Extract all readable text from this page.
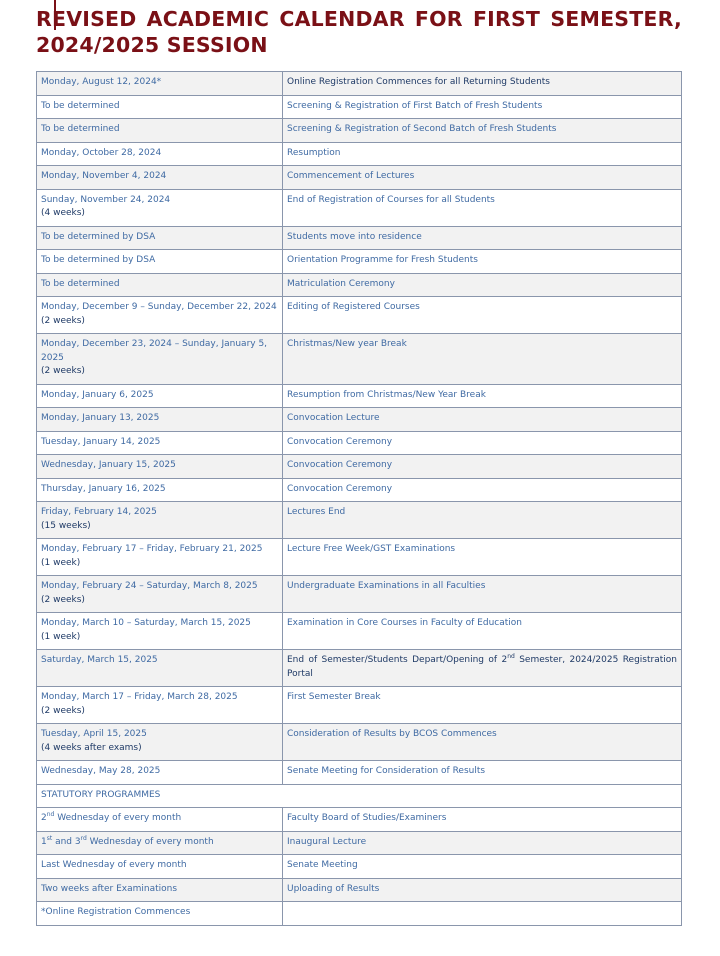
REVISED ACADEMIC CALENDAR FOR FIRST SEMESTER, 2024/2025 SESSION
Monday, August 12, 2024*	Online Registration Commences for all Returning Students
To be determined	Screening & Registration of First Batch of Fresh Students
To be determined	Screening & Registration of Second Batch of Fresh Students
Monday, October 28, 2024	Resumption
Monday, November 4, 2024	Commencement of Lectures
Sunday, November 24, 2024
(4 weeks)	End of Registration of Courses for all Students
To be determined by DSA	Students move into residence
To be determined by DSA	Orientation Programme for Fresh Students
To be determined	Matriculation Ceremony
Monday, December 9 – Sunday, December 22, 2024
(2 weeks)	Editing of Registered Courses
Monday, December 23, 2024 – Sunday, January 5, 2025
(2 weeks)	Christmas/New year Break
Monday, January 6, 2025	Resumption from Christmas/New Year Break
Monday, January 13, 2025	Convocation Lecture
Tuesday, January 14, 2025	Convocation Ceremony
Wednesday, January 15, 2025	Convocation Ceremony
Thursday, January 16, 2025	Convocation Ceremony
Friday, February 14, 2025
(15 weeks)	Lectures End
Monday, February 17 – Friday, February 21, 2025
(1 week)	Lecture Free Week/GST Examinations
Monday, February 24 – Saturday, March 8, 2025
(2 weeks)	Undergraduate Examinations in all Faculties
Monday, March 10 – Saturday, March 15, 2025
(1 week)	Examination in Core Courses in Faculty of Education
Saturday, March 15, 2025	End of Semester/Students Depart/Opening of 2nd Semester, 2024/2025 Registration Portal

Monday, March 17 – Friday, March 28, 2025
(2 weeks)	First Semester Break
Tuesday, April 15, 2025
(4 weeks after exams)	Consideration of Results by BCOS Commences
Wednesday, May 28, 2025	Senate Meeting for Consideration of Results
STATUTORY PROGRAMMES	
2nd Wednesday of every month	Faculty Board of Studies/Examiners
1st and 3rd Wednesday of every month	Inaugural Lecture
Last Wednesday of every month	Senate Meeting
Two weeks after Examinations	Uploading of Results
*Online Registration Commences	
